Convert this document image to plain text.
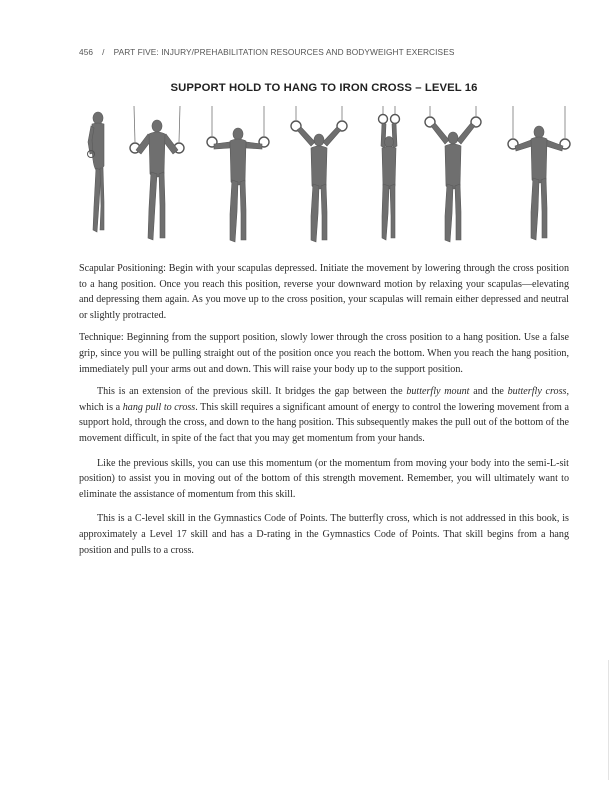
456 / PART FIVE: INJURY/PREHABILITATION RESOURCES AND BODYWEIGHT EXERCISES
SUPPORT HOLD TO HANG TO IRON CROSS – LEVEL 16

Scapular Positioning: Begin with your scapulas depressed. Initiate the movement by lowering through the cross position to a hang position. Once you reach this position, reverse your downward motion by relaxing your scapulas—elevating and depressing them again. As you move up to the cross position, your scapulas will remain either depressed and neutral or slightly protracted.

Technique: Beginning from the support position, slowly lower through the cross position to a hang position. Use a false grip, since you will be pulling straight out of the position once you reach the bottom. When you reach the hang position, immediately pull your arms out and down. This will raise your body up to the support position.

This is an extension of the previous skill. It bridges the gap between the butterfly mount and the butterfly cross, which is a hang pull to cross. This skill requires a significant amount of energy to control the lowering movement from a support hold, through the cross, and down to the hang position. This subsequently makes the pull out of the bottom of the movement difficult, in spite of the fact that you may get momentum from your hands.

Like the previous skills, you can use this momentum (or the momentum from moving your body into the semi-L-sit position) to assist you in moving out of the bottom of this strength movement. Remember, you will ultimately want to eliminate the assistance of momentum from this skill.

This is a C-level skill in the Gymnastics Code of Points. The butterfly cross, which is not addressed in this book, is approximately a Level 17 skill and has a D-rating in the Gymnastics Code of Points. That skill begins from a hang position and pulls to a cross.
